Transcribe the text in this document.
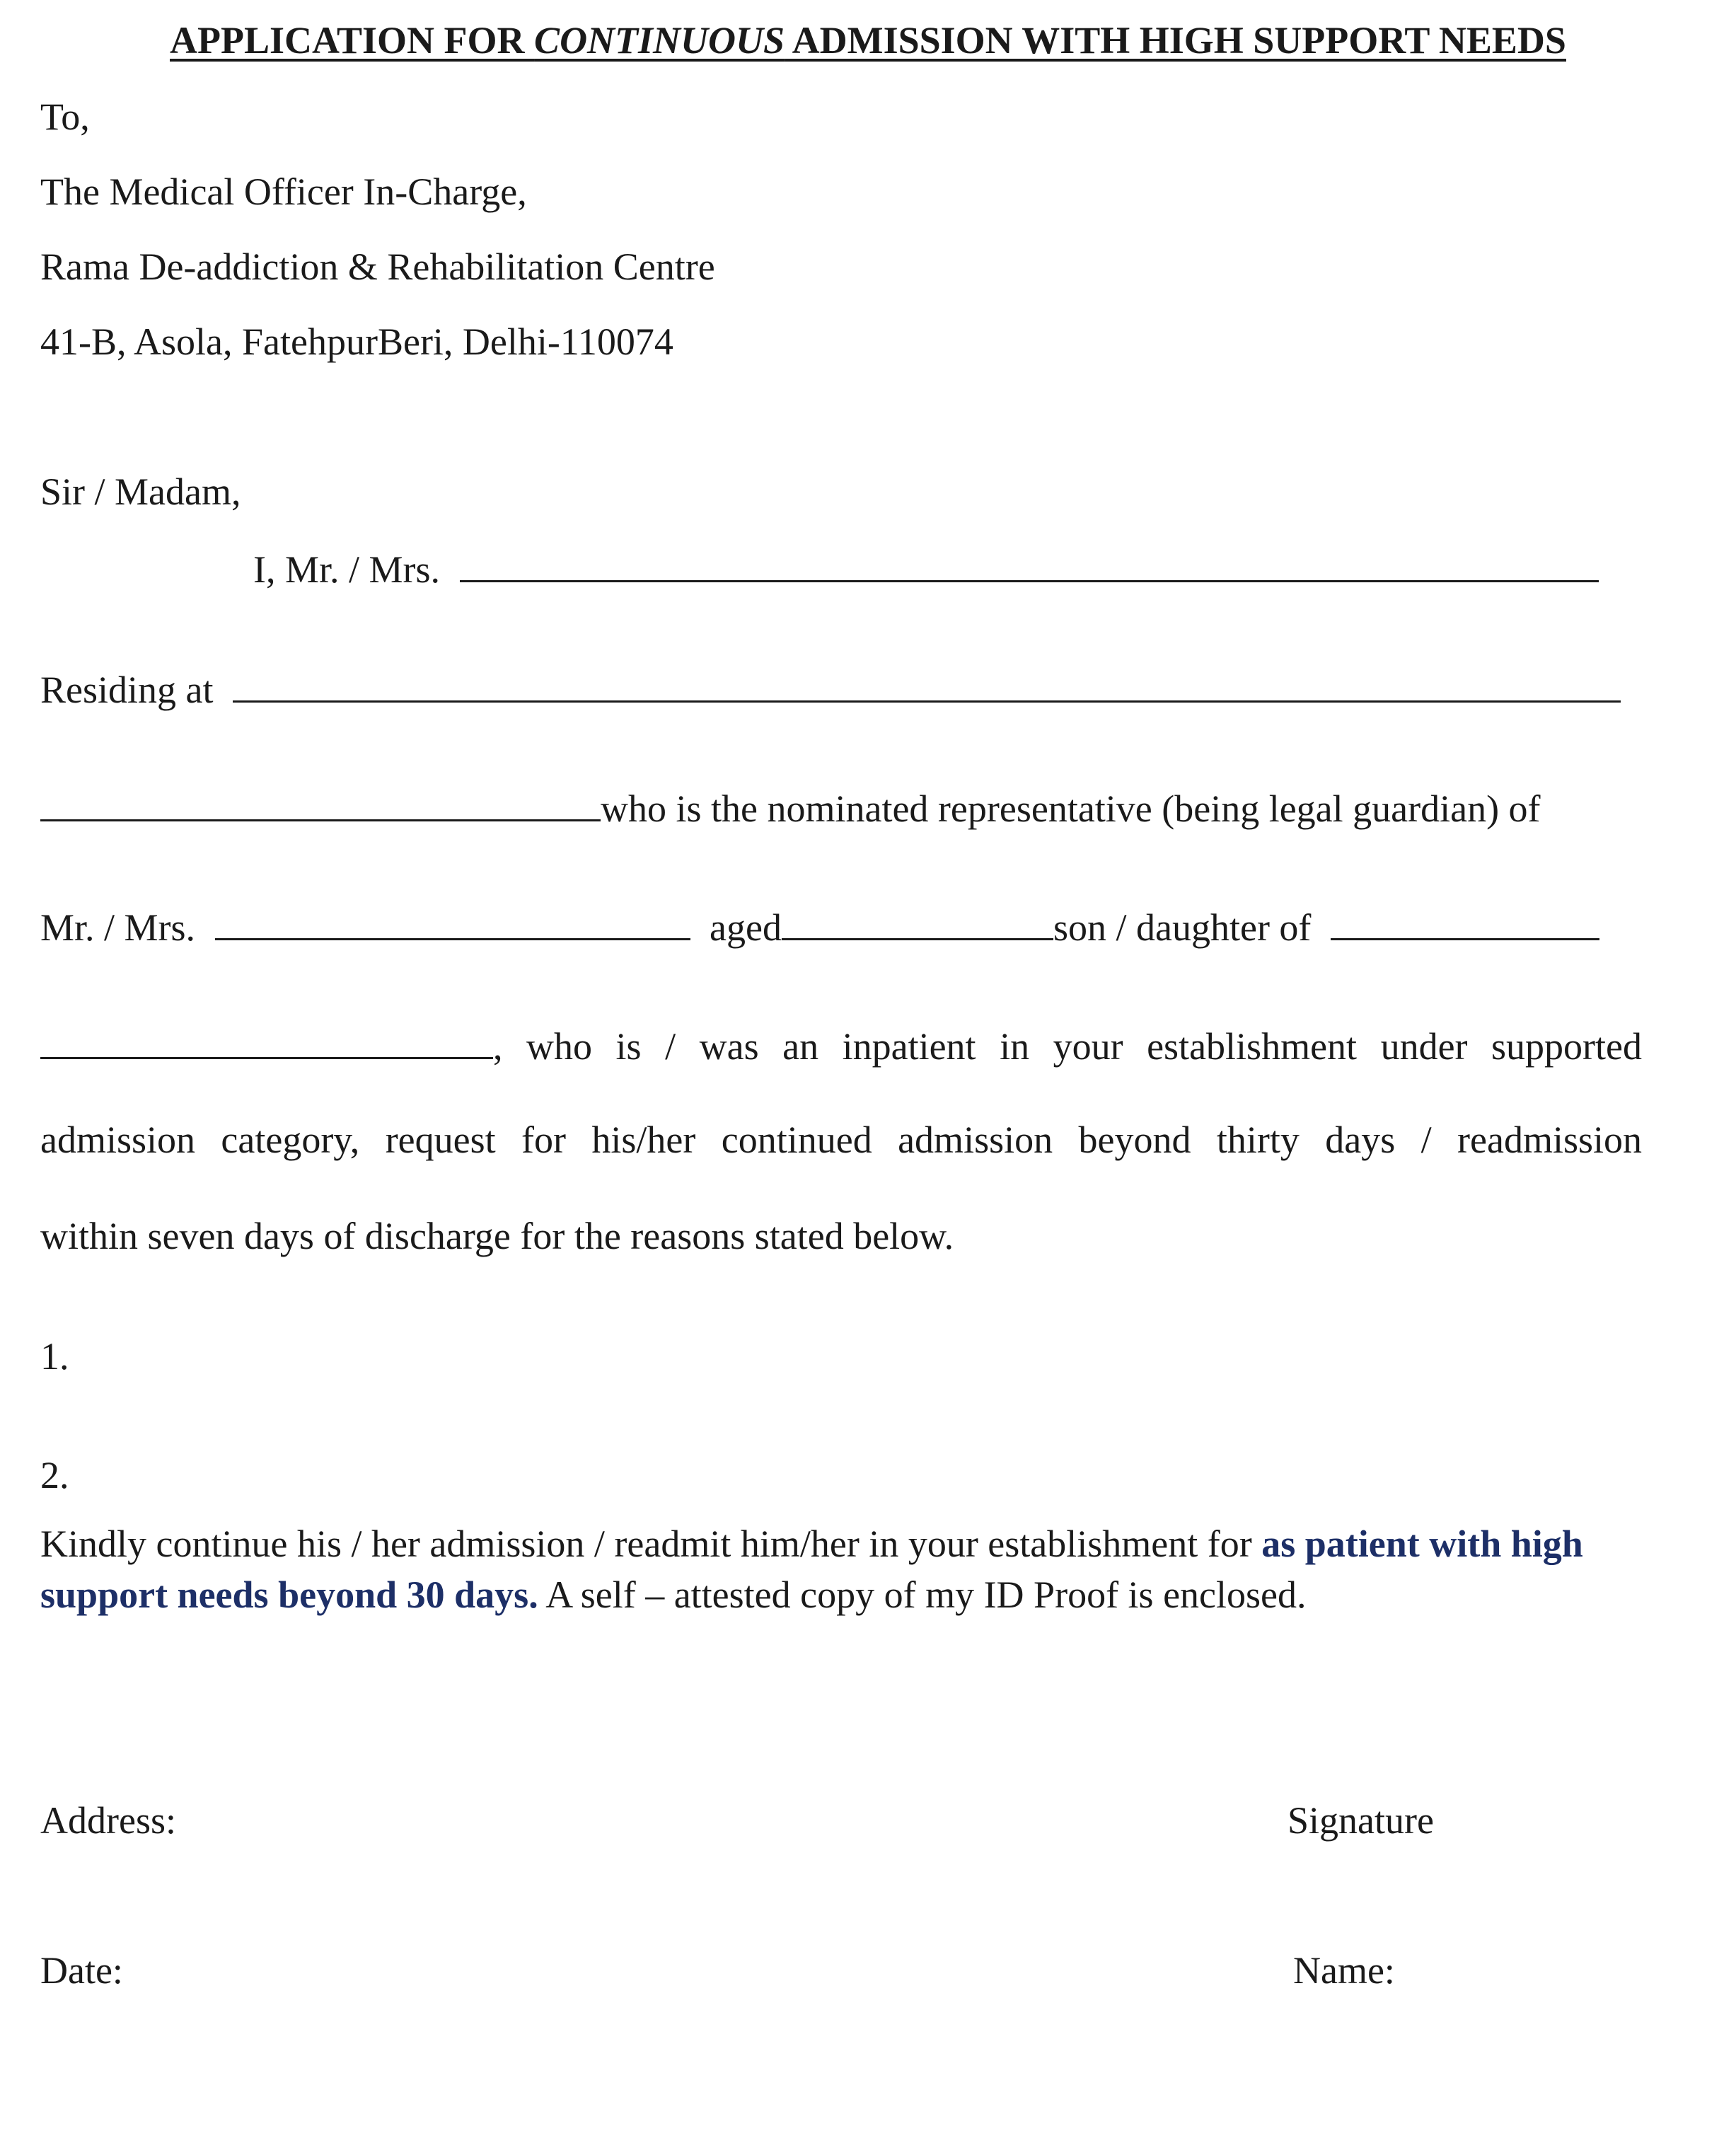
APPLICATION FOR CONTINUOUS ADMISSION WITH HIGH SUPPORT NEEDS
To,
The Medical Officer In-Charge,
Rama De-addiction & Rehabilitation Centre
41-B, Asola, FatehpurBeri, Delhi-110074
Sir / Madam,
I, Mr. / Mrs.
Residing at
who is the nominated representative (being legal guardian) of
Mr. / Mrs.	aged	son / daughter of
, who is / was an inpatient in your establishment under supported
admission category, request for his/her continued admission beyond thirty days / readmission
within seven days of discharge for the reasons stated below.
1.
2.
Kindly continue his / her admission / readmit him/her in your establishment for as patient with high support needs beyond 30 days. A self – attested copy of my ID Proof is enclosed.
Address:	Signature
Date:	Name:
